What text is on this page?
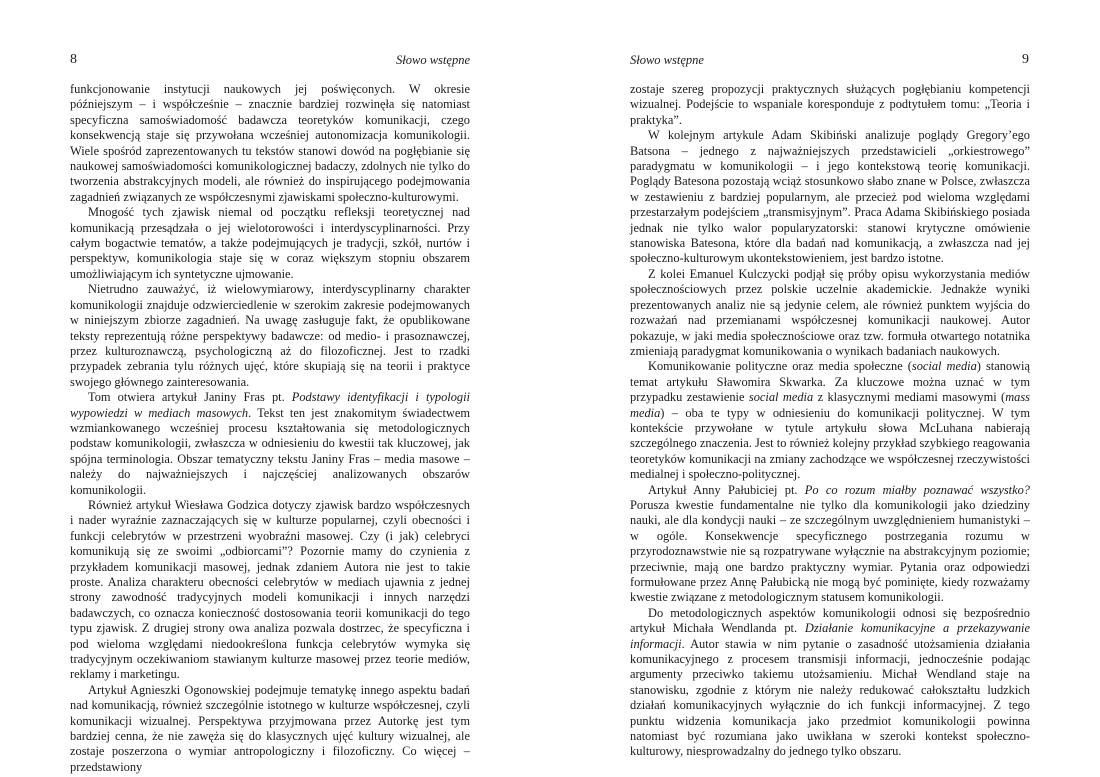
8	Słowo wstępne

funkcjonowanie instytucji naukowych jej poświęconych. W okresie późniejszym – i współcześnie – znacznie bardziej rozwinęła się natomiast specyficzna samoświadomość badawcza teoretyków komunikacji, czego konsekwencją staje się przywołana wcześniej autonomizacja komunikologii. Wiele spośród zaprezentowanych tu tekstów stanowi dowód na pogłębianie się naukowej samoświadomości komunikologicznej badaczy, zdolnych nie tylko do tworzenia abstrakcyjnych modeli, ale również do inspirującego podejmowania zagadnień związanych ze współczesnymi zjawiskami społeczno-kulturowymi.

Mnogość tych zjawisk niemal od początku refleksji teoretycznej nad komunikacją przesądzała o jej wielotorowości i interdyscyplinarności. Przy całym bogactwie tematów, a także podejmujących je tradycji, szkół, nurtów i perspektyw, komunikologia staje się w coraz większym stopniu obszarem umożliwiającym ich syntetyczne ujmowanie.

Nietrudno zauważyć, iż wielowymiarowy, interdyscyplinarny charakter komunikologii znajduje odzwierciedlenie w szerokim zakresie podejmowanych w niniejszym zbiorze zagadnień. Na uwagę zasługuje fakt, że opublikowane teksty reprezentują różne perspektywy badawcze: od medio- i prasoznawczej, przez kulturoznawczą, psychologiczną aż do filozoficznej. Jest to rzadki przypadek zebrania tylu różnych ujęć, które skupiają się na teorii i praktyce swojego głównego zainteresowania.

Tom otwiera artykuł Janiny Fras pt. Podstawy identyfikacji i typologii wypowiedzi w mediach masowych. Tekst ten jest znakomitym świadectwem wzmiankowanego wcześniej procesu kształtowania się metodologicznych podstaw komunikologii, zwłaszcza w odniesieniu do kwestii tak kluczowej, jak spójna terminologia. Obszar tematyczny tekstu Janiny Fras – media masowe – należy do najważniejszych i najczęściej analizowanych obszarów komunikologii.

Również artykuł Wiesława Godzica dotyczy zjawisk bardzo współczesnych i nader wyraźnie zaznaczających się w kulturze popularnej, czyli obecności i funkcji celebrytów w przestrzeni wyobraźni masowej. Czy (i jak) celebryci komunikują się ze swoimi „odbiorcami”? Pozornie mamy do czynienia z przykładem komunikacji masowej, jednak zdaniem Autora nie jest to takie proste. Analiza charakteru obecności celebrytów w mediach ujawnia z jednej strony zawodność tradycyjnych modeli komunikacji i innych narzędzi badawczych, co oznacza konieczność dostosowania teorii komunikacji do tego typu zjawisk. Z drugiej strony owa analiza pozwala dostrzec, że specyficzna i pod wieloma względami niedookreślona funkcja celebrytów wymyka się tradycyjnym oczekiwaniom stawianym kulturze masowej przez teorie mediów, reklamy i marketingu.

Artykuł Agnieszki Ogonowskiej podejmuje tematykę innego aspektu badań nad komunikacją, również szczególnie istotnego w kulturze współczesnej, czyli komunikacji wizualnej. Perspektywa przyjmowana przez Autorkę jest tym bardziej cenna, że nie zawęża się do klasycznych ujęć kultury wizualnej, ale zostaje poszerzona o wymiar antropologiczny i filozoficzny. Co więcej – przedstawiony

9
Słowo wstępne

zostaje szereg propozycji praktycznych służących pogłębianiu kompetencji wizualnej. Podejście to wspaniale koresponduje z podtytułem tomu: „Teoria i praktyka”.

W kolejnym artykule Adam Skibiński analizuje poglądy Gregory’ego Batsona – jednego z najważniejszych przedstawicieli „orkiestrowego” paradygmatu w komunikologii – i jego kontekstową teorię komunikacji. Poglądy Batesona pozostają wciąż stosunkowo słabo znane w Polsce, zwłaszcza w zestawieniu z bardziej popularnym, ale przecież pod wieloma względami przestarzałym podejściem „transmisyjnym”. Praca Adama Skibińskiego posiada jednak nie tylko walor popularyzatorski: stanowi krytyczne omówienie stanowiska Batesona, które dla badań nad komunikacją, a zwłaszcza nad jej społeczno-kulturowym ukontekstowieniem, jest bardzo istotne.

Z kolei Emanuel Kulczycki podjął się próby opisu wykorzystania mediów społecznościowych przez polskie uczelnie akademickie. Jednakże wyniki prezentowanych analiz nie są jedynie celem, ale również punktem wyjścia do rozważań nad przemianami współczesnej komunikacji naukowej. Autor pokazuje, w jaki media społecznościowe oraz tzw. formuła otwartego notatnika zmieniają paradygmat komunikowania o wynikach badaniach naukowych.

Komunikowanie polityczne oraz media społeczne (social media) stanowią temat artykułu Sławomira Skwarka. Za kluczowe można uznać w tym przypadku zestawienie social media z klasycznymi mediami masowymi (mass media) – oba te typy w odniesieniu do komunikacji politycznej. W tym kontekście przywołane w tytule artykułu słowa McLuhana nabierają szczególnego znaczenia. Jest to również kolejny przykład szybkiego reagowania teoretyków komunikacji na zmiany zachodzące we współczesnej rzeczywistości medialnej i społeczno-politycznej.

Artykuł Anny Pałubiciej pt. Po co rozum miałby poznawać wszystko? Porusza kwestie fundamentalne nie tylko dla komunikologii jako dziedziny nauki, ale dla kondycji nauki – ze szczególnym uwzględnieniem humanistyki – w ogóle. Konsekwencje specyficznego postrzegania rozumu w przyrodoznawstwie nie są rozpatrywane wyłącznie na abstrakcyjnym poziomie; przeciwnie, mają one bardzo praktyczny wymiar. Pytania oraz odpowiedzi formułowane przez Annę Pałubicką nie mogą być pominięte, kiedy rozważamy kwestie związane z metodologicznym statusem komunikologii.

Do metodologicznych aspektów komunikologii odnosi się bezpośrednio artykuł Michała Wendlanda pt. Działanie komunikacyjne a przekazywanie informacji. Autor stawia w nim pytanie o zasadność utożsamienia działania komunikacyjnego z procesem transmisji informacji, jednocześnie podając argumenty przeciwko takiemu utożsamieniu. Michał Wendland staje na stanowisku, zgodnie z którym nie należy redukować całokształtu ludzkich działań komunikacyjnych wyłącznie do ich funkcji informacyjnej. Z tego punktu widzenia komunikacja jako przedmiot komunikologii powinna natomiast być rozumiana jako uwikłana w szeroki kontekst społeczno-kulturowy, niesprowadzalny do jednego tylko obszaru.
